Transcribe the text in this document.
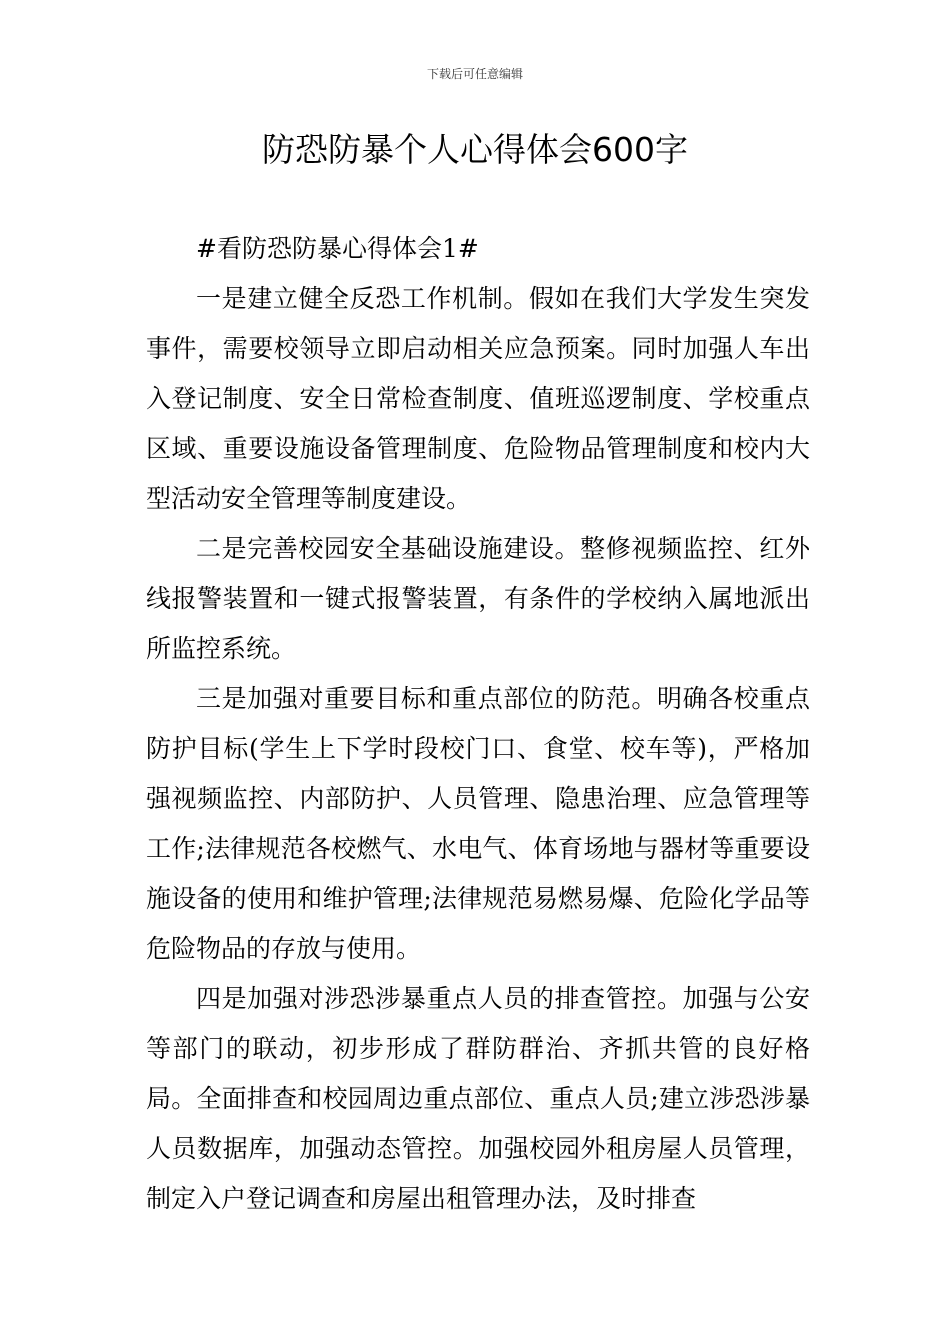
下载后可任意编辑
防恐防暴个人心得体会600字

#看防恐防暴心得体会1#

一是建立健全反恐工作机制。假如在我们大学发生突发事件，需要校领导立即启动相关应急预案。同时加强人车出入登记制度、安全日常检查制度、值班巡逻制度、学校重点区域、重要设施设备管理制度、危险物品管理制度和校内大型活动安全管理等制度建设。

二是完善校园安全基础设施建设。整修视频监控、红外线报警装置和一键式报警装置，有条件的学校纳入属地派出所监控系统。

三是加强对重要目标和重点部位的防范。明确各校重点防护目标(学生上下学时段校门口、食堂、校车等)，严格加强视频监控、内部防护、人员管理、隐患治理、应急管理等工作;法律规范各校燃气、水电气、体育场地与器材等重要设施设备的使用和维护管理;法律规范易燃易爆、危险化学品等危险物品的存放与使用。

四是加强对涉恐涉暴重点人员的排查管控。加强与公安等部门的联动，初步形成了群防群治、齐抓共管的良好格局。全面排查和校园周边重点部位、重点人员;建立涉恐涉暴人员数据库，加强动态管控。加强校园外租房屋人员管理，制定入户登记调查和房屋出租管理办法，及时排查
